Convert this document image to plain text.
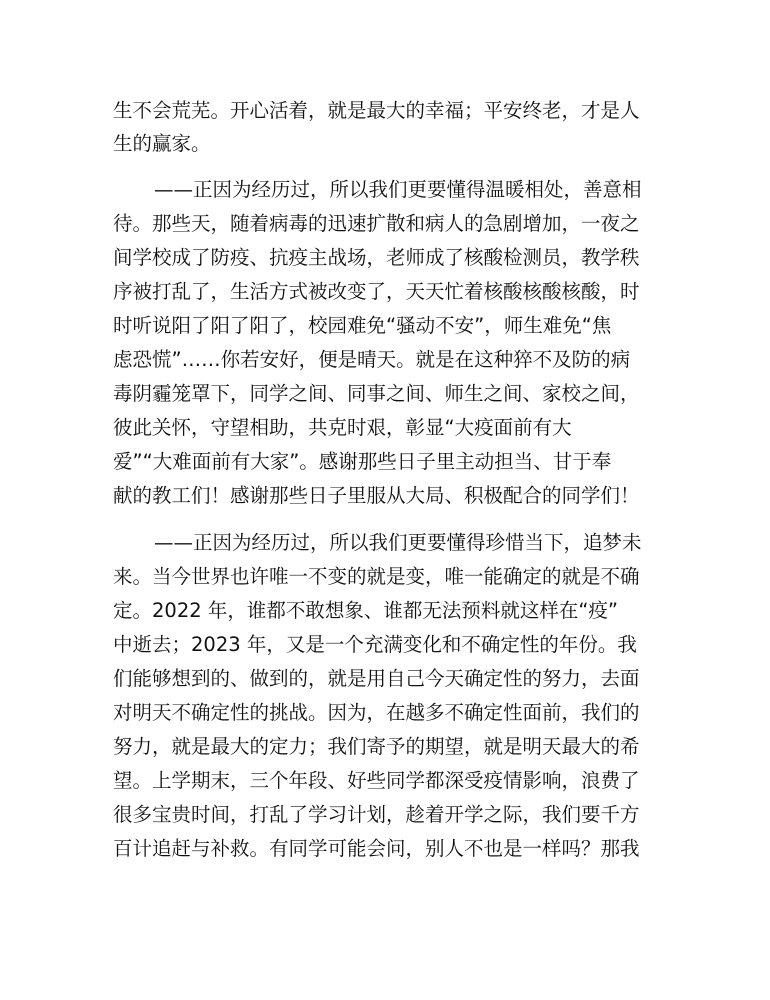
生不会荒芜。开心活着，就是最大的幸福；平安终老，才是人
生的赢家。
——正因为经历过，所以我们更要懂得温暖相处，善意相
待。那些天，随着病毒的迅速扩散和病人的急剧增加，一夜之
间学校成了防疫、抗疫主战场，老师成了核酸检测员，教学秩
序被打乱了，生活方式被改变了，天天忙着核酸核酸核酸，时
时听说阳了阳了阳了，校园难免“骚动不安”，师生难免“焦
虑恐慌”……你若安好，便是晴天。就是在这种猝不及防的病
毒阴霾笼罩下，同学之间、同事之间、师生之间、家校之间，
彼此关怀，守望相助，共克时艰，彰显“大疫面前有大
爱”“大难面前有大家”。感谢那些日子里主动担当、甘于奉
献的教工们！感谢那些日子里服从大局、积极配合的同学们！
——正因为经历过，所以我们更要懂得珍惜当下，追梦未
来。当今世界也许唯一不变的就是变，唯一能确定的就是不确
定。2022 年，谁都不敢想象、谁都无法预料就这样在“疫”
中逝去；2023 年，又是一个充满变化和不确定性的年份。我
们能够想到的、做到的，就是用自己今天确定性的努力，去面
对明天不确定性的挑战。因为，在越多不确定性面前，我们的
努力，就是最大的定力；我们寄予的期望，就是明天最大的希
望。上学期末，三个年段、好些同学都深受疫情影响，浪费了
很多宝贵时间，打乱了学习计划，趁着开学之际，我们要千方
百计追赶与补救。有同学可能会问，别人不也是一样吗？那我
